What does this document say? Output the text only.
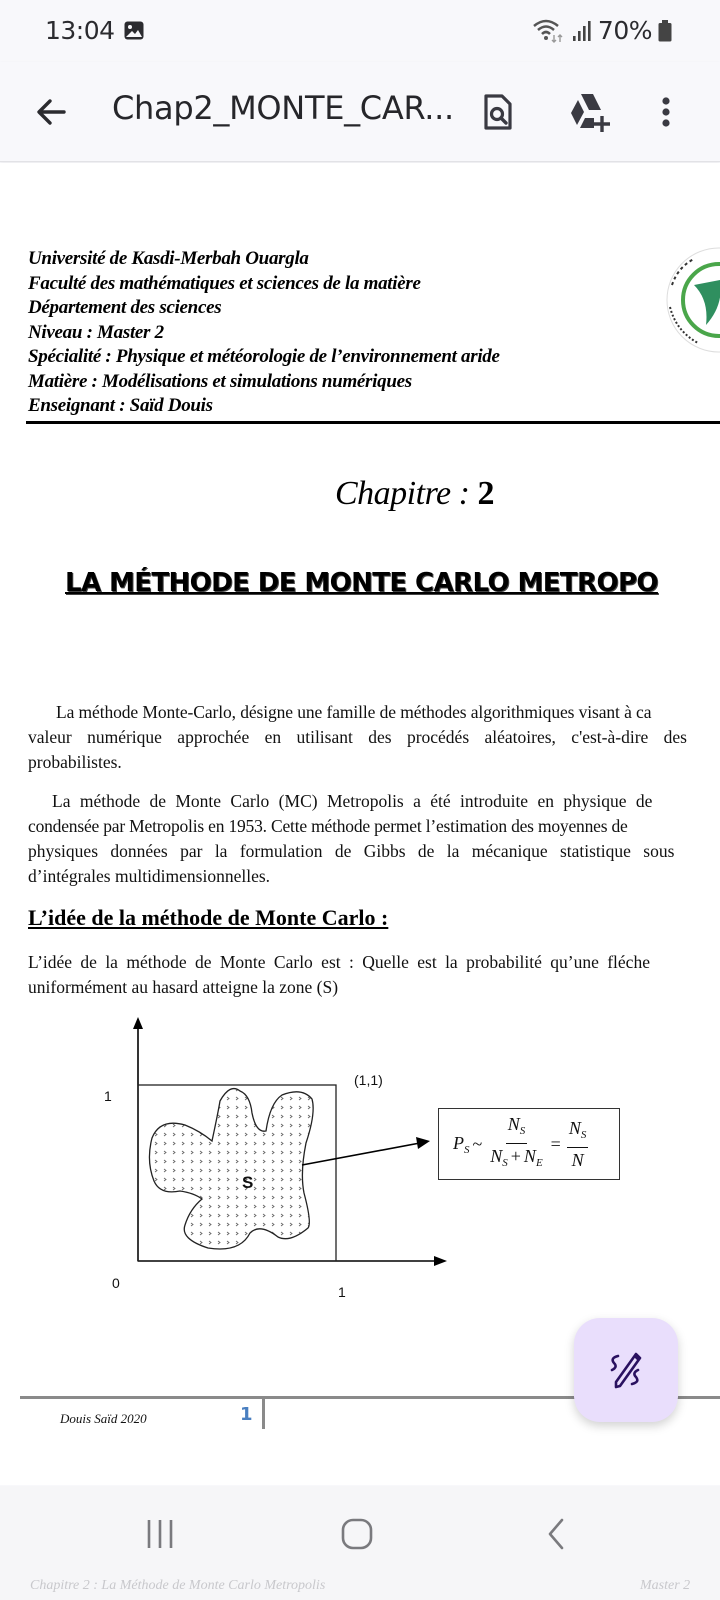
13:04	70%
Chap2_MONTE_CAR...
Université de Kasdi-Merbah Ouargla
Faculté des mathématiques et sciences de la matière
Département des sciences
Niveau : Master 2
Spécialité : Physique et météorologie de l’environnement aride
Matière : Modélisations et simulations numériques
Enseignant : Saïd Douis
Chapitre : 2
LA MÉTHODE DE MONTE CARLO METROPO
La méthode Monte-Carlo, désigne une famille de méthodes algorithmiques visant à ca
valeur numérique approchée en utilisant des procédés aléatoires, c'est-à-dire des
probabilistes.
La méthode de Monte Carlo (MC) Metropolis a été introduite en physique de
condensée par Metropolis en 1953. Cette méthode permet l’estimation des moyennes de
physiques données par la formulation de Gibbs de la mécanique statistique sous
d’intégrales multidimensionnelles.
L’idée de la méthode de Monte Carlo :
L’idée de la méthode de Monte Carlo est : Quelle est la probabilité qu’une fléche
uniformément au hasard atteigne la zone (S)
1
0
1
(1,1)
S
$P_S$ ~ $\frac{N_S}{N_S + N_E} = \frac{N_S}{N}$
Douis Saïd 2020	1
Chapitre 2 : La Méthode de Monte Carlo Metropolis	Master 2
